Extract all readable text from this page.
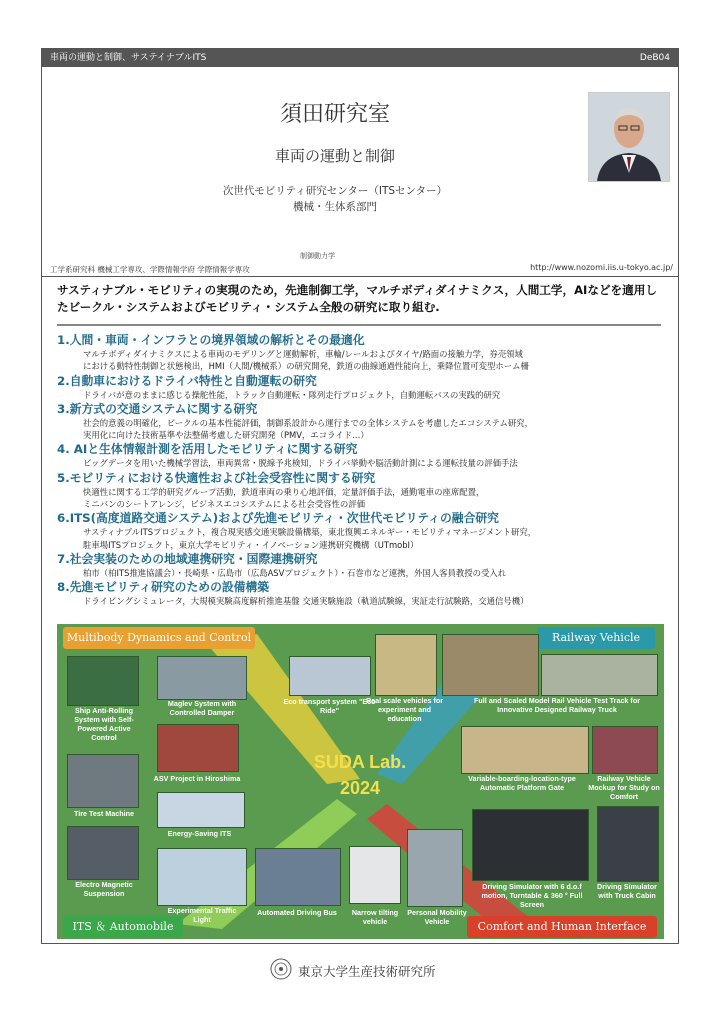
車両の運動と制御、サステイナブルITS	DeB04
須田研究室
車両の運動と制御
次世代モビリティ研究センター（ITSセンター）
機械・生体系部門
制御動力学
工学系研究科 機械工学専攻、学際情報学府 学際情報学専攻	http://www.nozomi.iis.u-tokyo.ac.jp/
サスティナブル・モビリティの実現のため，先進制御工学，マルチボディダイナミクス，人間工学，AIなどを適用したビークル・システムおよびモビリティ・システム全般の研究に取り組む.
1.人間・車両・インフラとの境界領域の解析とその最適化

マルチボディダイナミクスによる車両のモデリングと運動解析，車輪/レールおよびタイヤ/路面の接触力学，券売領域

における動特性制御と状態検出，HMI（人間/機械系）の研究開発，鉄道の曲線通過性能向上，乗降位置可変型ホーム柵

2.自動車におけるドライバ特性と自動運転の研究

ドライバが意のままに感じる操舵性能，トラック自動運転・隊列走行プロジェクト，自動運転バスの実践的研究

3.新方式の交通システムに関する研究

社会的意義の明確化，ビークルの基本性能評価，制御系設計から運行までの全体システムを考慮したエコシステム研究，

実用化に向けた技術基準や法整備考慮した研究開発（PMV，エコライド…）

4. AIと生体情報計測を活用したモビリティに関する研究

ビッグデータを用いた機械学習法，車両異常・脱線予兆検知，ドライバ挙動や脳活動計測による運転技量の評価手法

5.モビリティにおける快適性および社会受容性に関する研究

快適性に関する工学的研究グループ活動，鉄道車両の乗り心地評価，定量評価手法，通勤電車の座席配置，

ミニバンのシートアレンジ，ビジネスエコシステムによる社会受容性の評価

6.ITS(高度道路交通システム)および先進モビリティ・次世代モビリティの融合研究

サスティナブルITSプロジェクト，複合現実感交通実験設備構築，東北復興エネルギー・モビリティマネージメント研究，

駐車場ITSプロジェクト，東京大学モビリティ・イノベーション連携研究機構（UTmobI）

7.社会実装のための地域連携研究・国際連携研究

柏市（柏ITS推進協議会）・長崎県・広島市（広島ASVプロジェクト）・石巻市など連携，外国人客員教授の受入れ

8.先進モビリティ研究のための設備構築

ドライビングシミュレータ，大規模実験高度解析推進基盤 交通実験施設（軌道試験線，実証走行試験路，交通信号機）

Multibody Dynamics and Control	Railway Vehicle
ITS ＆ Automobile	Comfort and Human Interface
Ship Anti-Rolling System with Self-Powered Active Control
Maglev System with Controlled Damper
Eco transport system "Eco Ride"
Real scale vehicles for experiment and education
Full and Scaled Model Rail Vehicle Test Track for Innovative Designed Railway Truck
ASV Project in Hiroshima
Tire Test Machine
Energy-Saving ITS
Variable-boarding-location-type Automatic Platform Gate
Railway Vehicle Mockup for Study on Comfort
Electro Magnetic Suspension
Experimental Traffic Light
Automated Driving Bus	Narrow tilting vehicle
Personal Mobility Vehicle
Driving Simulator with 6 d.o.f motion, Turntable & 360 ° Full Screen
Driving Simulator with Truck Cabin
SUDA Lab.
2024
東京大学生産技術研究所
